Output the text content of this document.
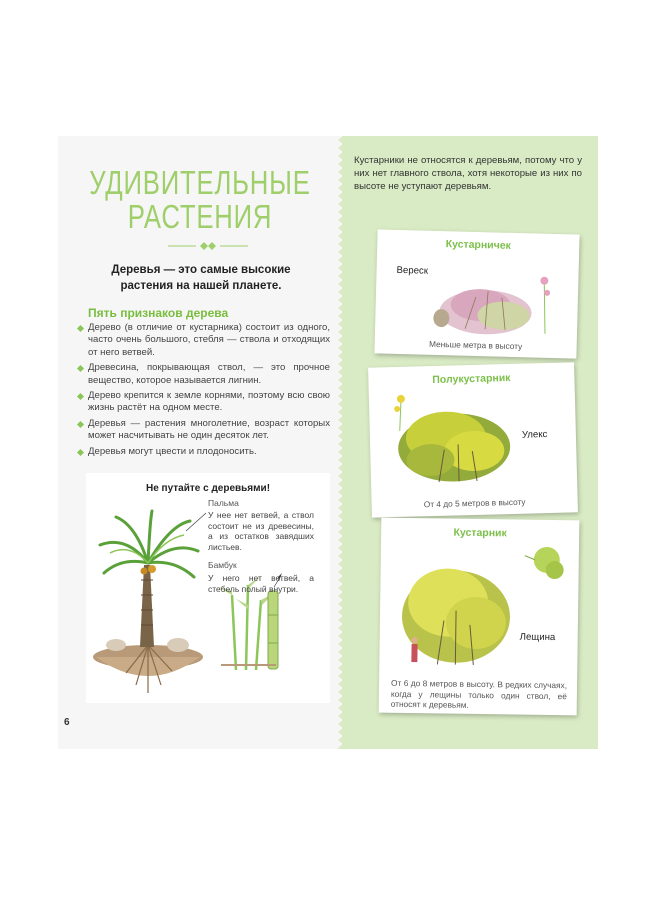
УДИВИТЕЛЬНЫЕ
РАСТЕНИЯ
Деревья — это самые высокие растения на нашей планете.
Пять признаков дерева

Дерево (в отличие от кустарника) состоит из одного, часто очень большого, стебля — ствола и отходящих от него ветвей.

Древесина, покрывающая ствол, — это прочное вещество, которое называется лигнин.

Дерево крепится к земле корнями, поэтому всю свою жизнь растёт на одном месте.

Деревья — растения многолетние, возраст которых может насчитывать не один десяток лет.

Деревья могут цвести и плодоносить.

Не путайте с деревьями!
Пальма
У нее нет ветвей, а ствол состоит не из древесины, а из остатков завядших листьев.
Бамбук
У него нет ветвей, а стебель полый внутри.
6
Кустарники не относятся к деревьям, потому что у них нет главного ствола, хотя некоторые из них по высоте не уступают деревьям.
Кустарничек
Вереск
Меньше метра в высоту
Полукустарник
Улекс
От 4 до 5 метров в высоту
Кустарник
Лещина
От 6 до 8 метров в высоту. В редких случаях, когда у лещины только один ствол, её относят к деревьям.
